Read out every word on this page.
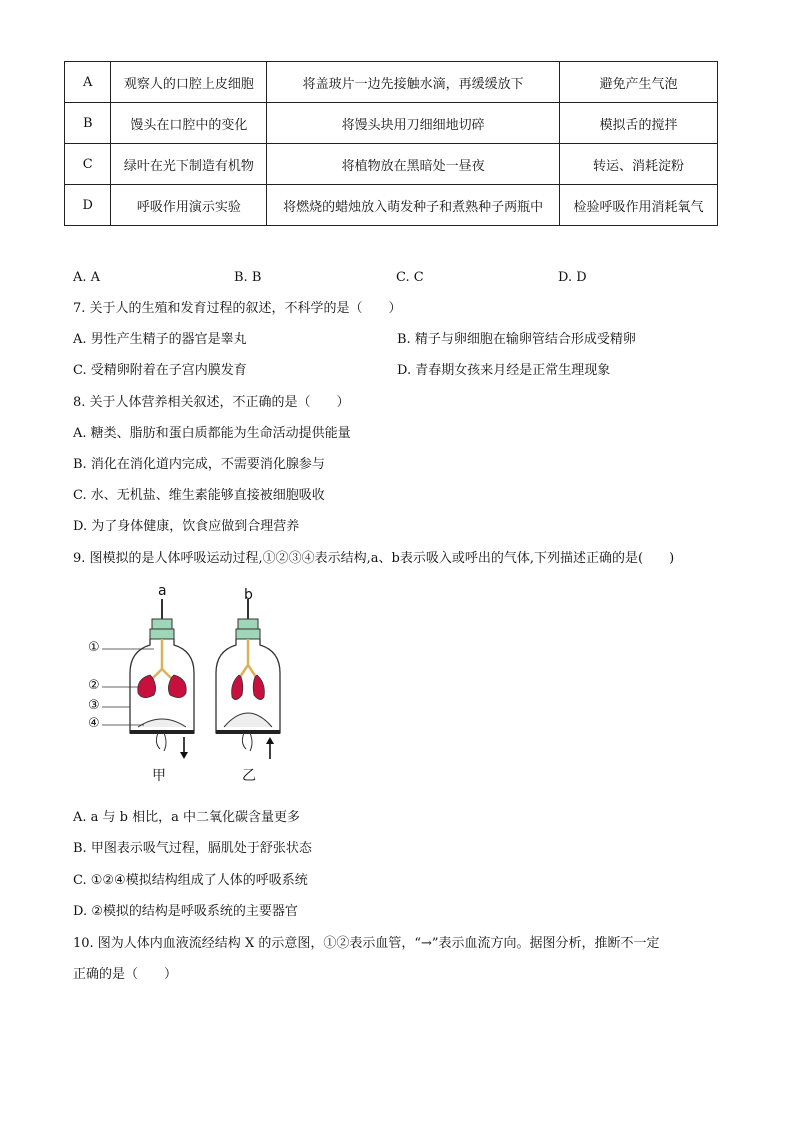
A	观察人的口腔上皮细胞	将盖玻片一边先接触水滴，再缓缓放下	避免产生气泡
B	馒头在口腔中的变化	将馒头块用刀细细地切碎	模拟舌的搅拌
C	绿叶在光下制造有机物	将植物放在黑暗处一昼夜	转运、消耗淀粉
D	呼吸作用演示实验	将燃烧的蜡烛放入萌发种子和煮熟种子两瓶中	检验呼吸作用消耗氧气
A. A	B. B	C. C	D. D
7. 关于人的生殖和发育过程的叙述，不科学的是（　　）
A. 男性产生精子的器官是睾丸	B. 精子与卵细胞在输卵管结合形成受精卵
C. 受精卵附着在子宫内膜发育	D. 青春期女孩来月经是正常生理现象
8. 关于人体营养相关叙述，不正确的是（　　）
A. 糖类、脂肪和蛋白质都能为生命活动提供能量
B. 消化在消化道内完成，不需要消化腺参与
C. 水、无机盐、维生素能够直接被细胞吸收
D. 为了身体健康，饮食应做到合理营养
9. 图模拟的是人体呼吸运动过程,①②③④表示结构,a、b表示吸入或呼出的气体,下列描述正确的是(　　)
a	b
①
②
③
④
甲	乙
A. a 与 b 相比，a 中二氧化碳含量更多
B. 甲图表示吸气过程，膈肌处于舒张状态
C. ①②④模拟结构组成了人体的呼吸系统
D. ②模拟的结构是呼吸系统的主要器官
10. 图为人体内血液流经结构 X 的示意图，①②表示血管，“→”表示血流方向。据图分析，推断不一定
正确的是（　　）
